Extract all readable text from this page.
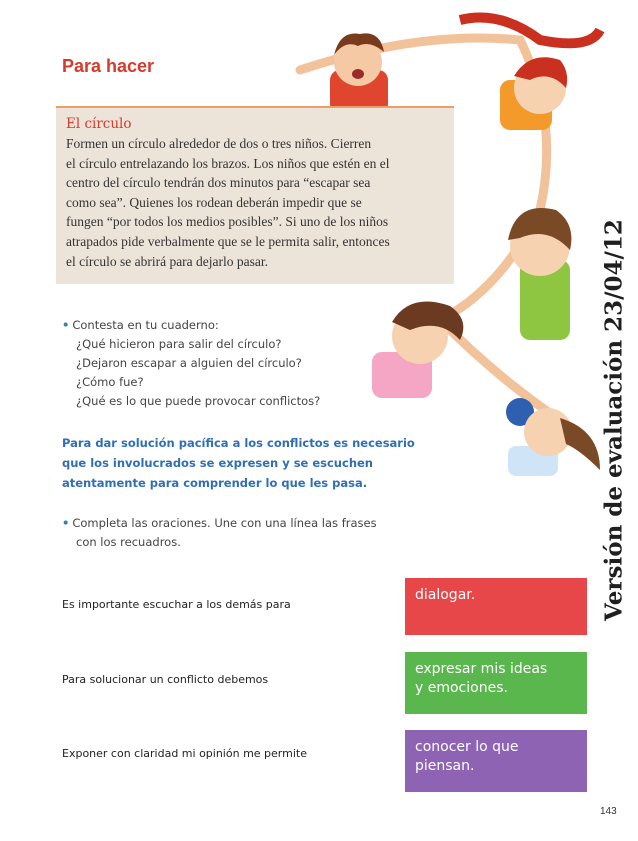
Para hacer

El círculo

Formen un círculo alrededor de dos o tres niños. Cierren
el círculo entrelazando los brazos. Los niños que estén en el
centro del círculo tendrán dos minutos para “escapar sea
como sea”. Quienes los rodean deberán impedir que se
fungen “por todos los medios posibles”. Si uno de los niños
atrapados pide verbalmente que se le permita salir, entonces
el círculo se abrirá para dejarlo pasar.
• Contesta en tu cuaderno:
¿Qué hicieron para salir del círculo?
¿Dejaron escapar a alguien del círculo?
¿Cómo fue?
¿Qué es lo que puede provocar conflictos?
Para dar solución pacífica a los conflictos es necesario
que los involucrados se expresen y se escuchen
atentamente para comprender lo que les pasa.
• Completa las oraciones. Une con una línea las frases
con los recuadros.
Es importante escuchar a los demás para
Para solucionar un conflicto debemos
Exponer con claridad mi opinión me permite
dialogar.
expresar mis ideas
y emociones.
conocer lo que
piensan.
Versión de evaluación 23/04/12
143
